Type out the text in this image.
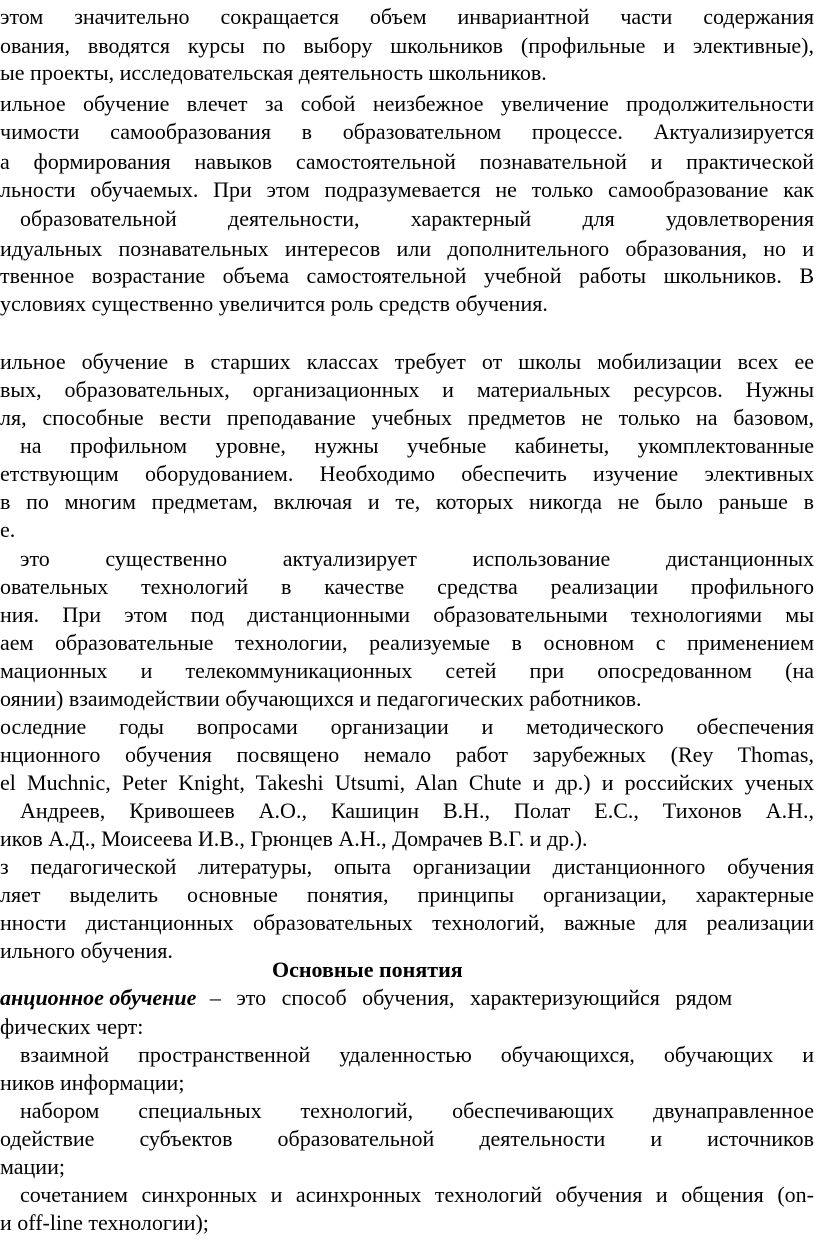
этом значительно сокращается объем инвариантной части содержания
ования, вводятся курсы по выбору школьников (профильные и элективные),
ые проекты, исследовательская деятельность школьников.
ильное обучение влечет за собой неизбежное увеличение продолжительности
чимости самообразования в образовательном процессе. Актуализируется
а формирования навыков самостоятельной познавательной и практической
льности обучаемых. При этом подразумевается не только самообразование как
образовательной деятельности, характерный для удовлетворения
идуальных познавательных интересов или дополнительного образования, но и
твенное возрастание объема самостоятельной учебной работы школьников. В
условиях существенно увеличится роль средств обучения.
ильное обучение в старших классах требует от школы мобилизации всех ее
вых, образовательных, организационных и материальных ресурсов. Нужны
ля, способные вести преподавание учебных предметов не только на базовом,
на профильном уровне, нужны учебные кабинеты, укомплектованные
етствующим оборудованием. Необходимо обеспечить изучение элективных
в по многим предметам, включая и те, которых никогда не было раньше в
е.
это существенно актуализирует использование дистанционных
овательных технологий в качестве средства реализации профильного
ния. При этом под дистанционными образовательными технологиями мы
аем образовательные технологии, реализуемые в основном с применением
мационных и телекоммуникационных сетей при опосредованном (на
оянии) взаимодействии обучающихся и педагогических работников.
оследние годы вопросами организации и методического обеспечения
нционного обучения посвящено немало работ зарубежных (Rey Thomas,
el Muchnic, Peter Knight, Takeshi Utsumi, Alan Chute и др.) и российских ученых
Андреев, Кривошеев А.О., Кашицин В.Н., Полат Е.С., Тихонов А.Н.,
иков А.Д., Моисеева И.В., Грюнцев А.Н., Домрачев В.Г. и др.).
з педагогической литературы, опыта организации дистанционного обучения
ляет выделить основные понятия, принципы организации, характерные
нности дистанционных образовательных технологий, важные для реализации
ильного обучения.
Основные понятия
анционное обучение – это способ обучения, характеризующийся рядом
фических черт:
взаимной пространственной удаленностью обучающихся, обучающих и
ников информации;
набором специальных технологий, обеспечивающих двунаправленное
одействие субъектов образовательной деятельности и источников
мации;
сочетанием синхронных и асинхронных технологий обучения и общения (on-
и off-line технологии);
